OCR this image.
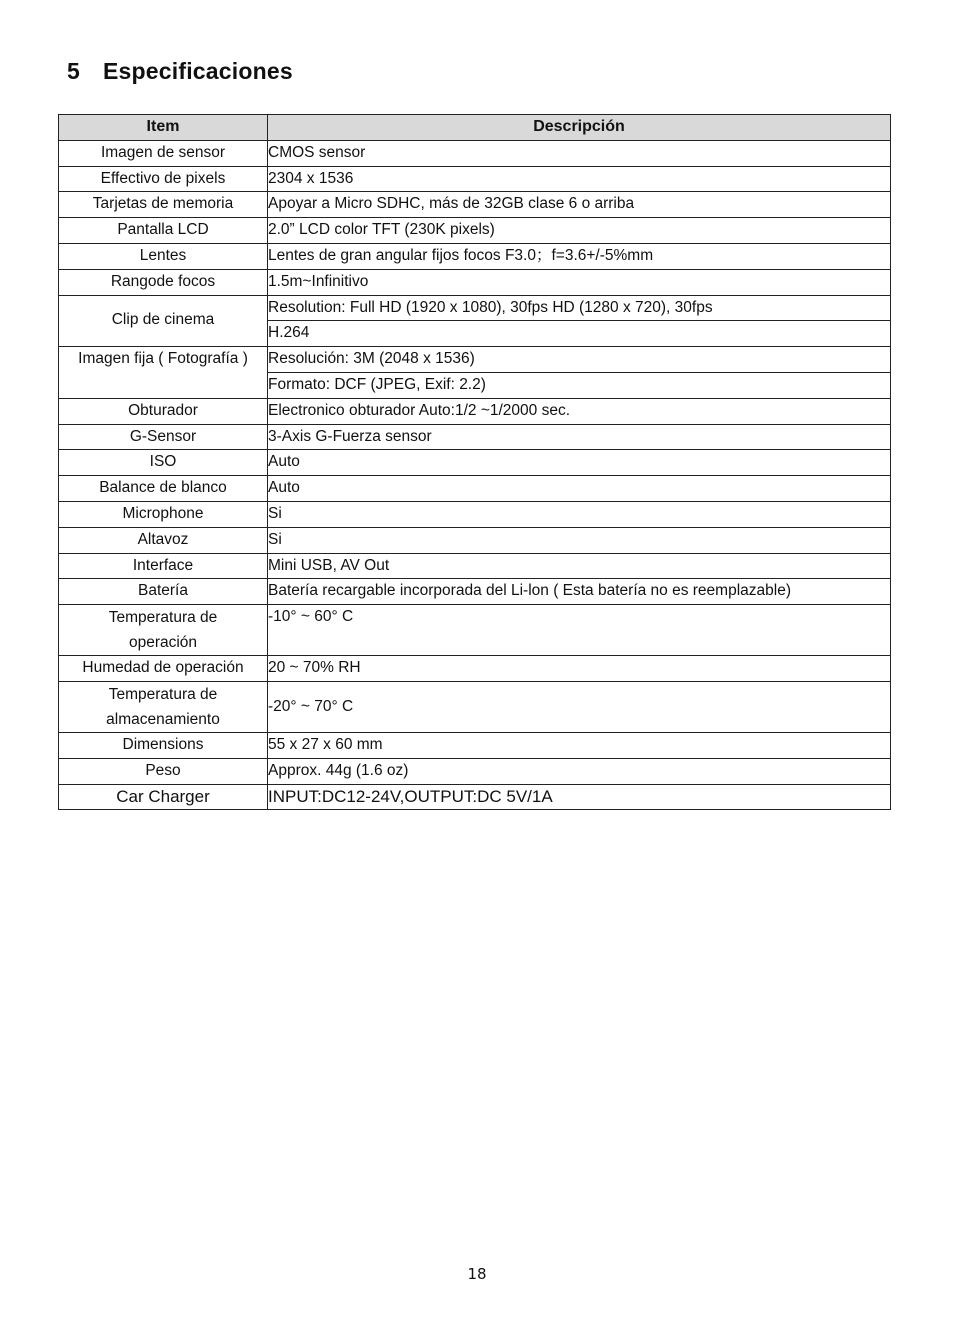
5 Especificaciones
Item	Descripción
Imagen de sensor	CMOS sensor
Effectivo de pixels	2304 x 1536
Tarjetas de memoria	Apoyar a Micro SDHC, más de 32GB clase 6 o arriba
Pantalla LCD	2.0” LCD color TFT (230K pixels)
Lentes	Lentes de gran angular fijos focos F3.0；f=3.6+/-5%mm
Rangode focos	1.5m~Infinitivo
Clip de cinema	Resolution: Full HD (1920 x 1080), 30fps HD (1280 x 720), 30fps
	H.264
Imagen fija ( Fotografía )	Resolución: 3M (2048 x 1536)
	Formato: DCF (JPEG, Exif: 2.2)
Obturador	Electronico obturador Auto:1/2 ~1/2000 sec.
G-Sensor	3-Axis G-Fuerza sensor
ISO	Auto
Balance de blanco	Auto
Microphone	Si
Altavoz	Si
Interface	Mini USB, AV Out
Batería	Batería recargable incorporada del Li-lon ( Esta batería no es reemplazable)
Temperatura de operación	-10° ~ 60° C
Humedad de operación	20 ~ 70% RH
Temperatura de almacenamiento	-20° ~ 70° C
Dimensions	55 x 27 x 60 mm
Peso	Approx. 44g (1.6 oz)
Car Charger	INPUT:DC12-24V,OUTPUT:DC 5V/1A
18
